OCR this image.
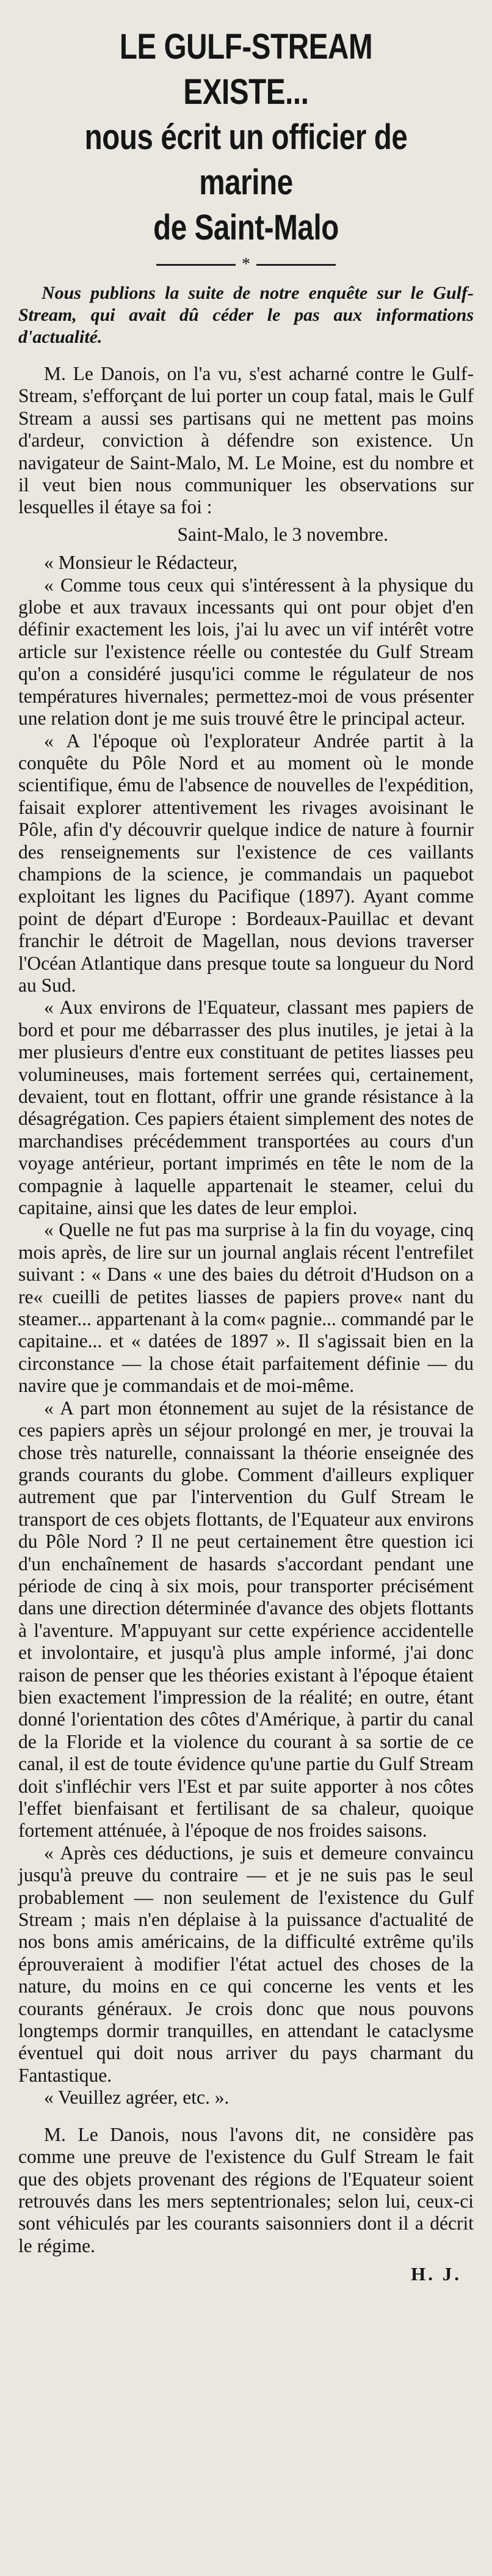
LE GULF-STREAM EXISTE...
nous écrit un officier de marine
de Saint-Malo
*

Nous publions la suite de notre enquête sur le Gulf-Stream, qui avait dû céder le pas aux informations d'actualité.

M. Le Danois, on l'a vu, s'est acharné contre le Gulf-Stream, s'efforçant de lui porter un coup fatal, mais le Gulf Stream a aussi ses partisans qui ne mettent pas moins d'ardeur, conviction à défendre son existence. Un navigateur de Saint-Malo, M. Le Moine, est du nombre et il veut bien nous communiquer les observations sur lesquelles il étaye sa foi :

Saint-Malo, le 3 novembre.

« Monsieur le Rédacteur,

« Comme tous ceux qui s'intéressent à la physique du globe et aux travaux incessants qui ont pour objet d'en définir exactement les lois, j'ai lu avec un vif intérêt votre article sur l'existence réelle ou contestée du Gulf Stream qu'on a considéré jusqu'ici comme le régulateur de nos températures hivernales; permettez-moi de vous présenter une relation dont je me suis trouvé être le principal acteur.

« A l'époque où l'explorateur Andrée partit à la conquête du Pôle Nord et au moment où le monde scientifique, ému de l'absence de nouvelles de l'expédition, faisait explorer attentivement les rivages avoisinant le Pôle, afin d'y découvrir quelque indice de nature à fournir des renseignements sur l'existence de ces vaillants champions de la science, je commandais un paquebot exploitant les lignes du Pacifique (1897). Ayant comme point de départ d'Europe : Bordeaux-Pauillac et devant franchir le détroit de Magellan, nous devions traverser l'Océan Atlantique dans presque toute sa longueur du Nord au Sud.

« Aux environs de l'Equateur, classant mes papiers de bord et pour me débarrasser des plus inutiles, je jetai à la mer plusieurs d'entre eux constituant de petites liasses peu volumineuses, mais fortement serrées qui, certainement, devaient, tout en flottant, offrir une grande résistance à la désagrégation. Ces papiers étaient simplement des notes de marchandises précédemment transportées au cours d'un voyage antérieur, portant imprimés en tête le nom de la compagnie à laquelle appartenait le steamer, celui du capitaine, ainsi que les dates de leur emploi.

« Quelle ne fut pas ma surprise à la fin du voyage, cinq mois après, de lire sur un journal anglais récent l'entrefilet suivant : « Dans « une des baies du détroit d'Hudson on a re« cueilli de petites liasses de papiers prove« nant du steamer... appartenant à la com« pagnie... commandé par le capitaine... et « datées de 1897 ». Il s'agissait bien en la circonstance — la chose était parfaitement définie — du navire que je commandais et de moi-même.

« A part mon étonnement au sujet de la résistance de ces papiers après un séjour prolongé en mer, je trouvai la chose très naturelle, connaissant la théorie enseignée des grands courants du globe. Comment d'ailleurs expliquer autrement que par l'intervention du Gulf Stream le transport de ces objets flottants, de l'Equateur aux environs du Pôle Nord ? Il ne peut certainement être question ici d'un enchaînement de hasards s'accordant pendant une période de cinq à six mois, pour transporter précisément dans une direction déterminée d'avance des objets flottants à l'aventure. M'appuyant sur cette expérience accidentelle et involontaire, et jusqu'à plus ample informé, j'ai donc raison de penser que les théories existant à l'époque étaient bien exactement l'impression de la réalité; en outre, étant donné l'orientation des côtes d'Amérique, à partir du canal de la Floride et la violence du courant à sa sortie de ce canal, il est de toute évidence qu'une partie du Gulf Stream doit s'infléchir vers l'Est et par suite apporter à nos côtes l'effet bienfaisant et fertilisant de sa chaleur, quoique fortement atténuée, à l'époque de nos froides saisons.

« Après ces déductions, je suis et demeure convaincu jusqu'à preuve du contraire — et je ne suis pas le seul probablement — non seulement de l'existence du Gulf Stream ; mais n'en déplaise à la puissance d'actualité de nos bons amis américains, de la difficulté extrême qu'ils éprouveraient à modifier l'état actuel des choses de la nature, du moins en ce qui concerne les vents et les courants généraux. Je crois donc que nous pouvons longtemps dormir tranquilles, en attendant le cataclysme éventuel qui doit nous arriver du pays charmant du Fantastique.

« Veuillez agréer, etc. ».

M. Le Danois, nous l'avons dit, ne considère pas comme une preuve de l'existence du Gulf Stream le fait que des objets provenant des régions de l'Equateur soient retrouvés dans les mers septentrionales; selon lui, ceux-ci sont véhiculés par les courants saisonniers dont il a décrit le régime.

H. J.
